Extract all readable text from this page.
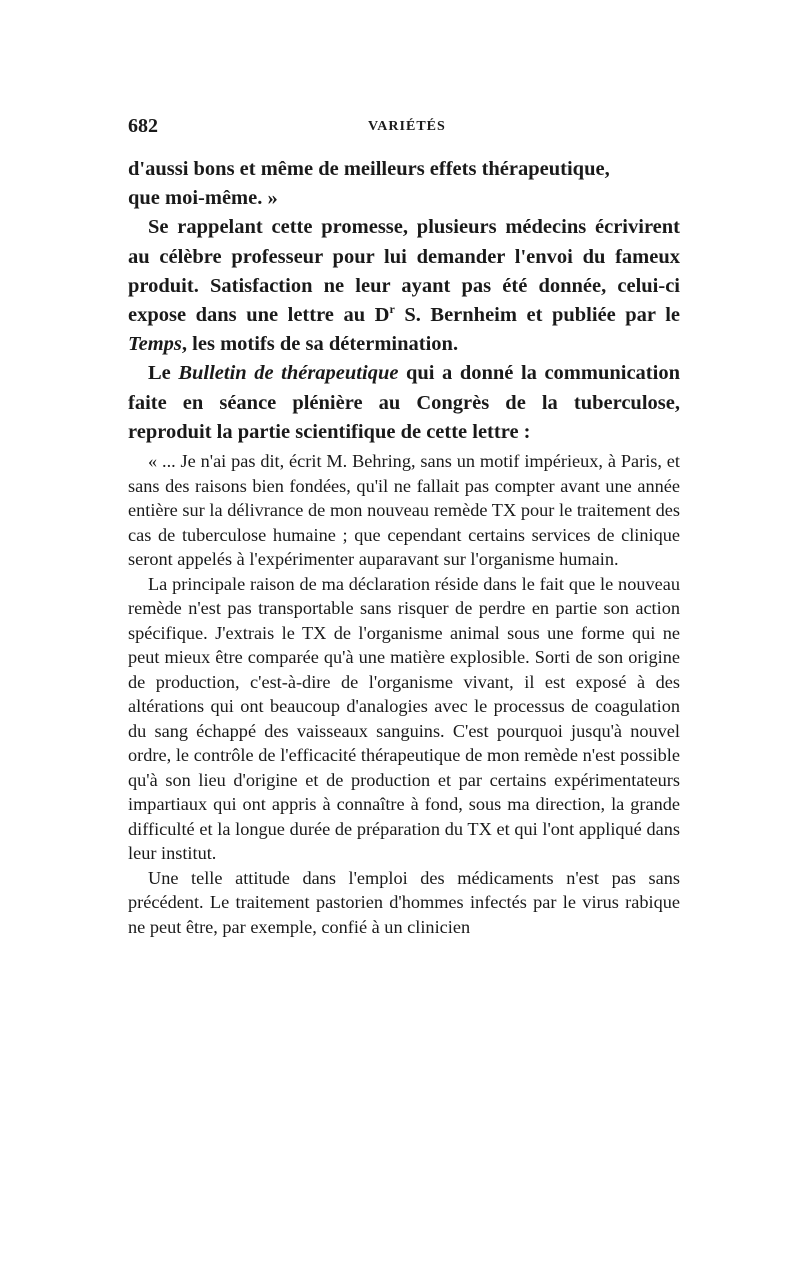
682	VARIÉTÉS

d'aussi bons et même de meilleurs effets thérapeutique,
que moi-même. »

Se rappelant cette promesse, plusieurs médecins écrivirent au célèbre professeur pour lui demander l'envoi du fameux produit. Satisfaction ne leur ayant pas été donnée, celui-ci expose dans une lettre au $D^r$ S. Bernheim et publiée par le Temps, les motifs de sa détermination.

Le Bulletin de thérapeutique qui a donné la communication faite en séance plénière au Congrès de la tuberculose, reproduit la partie scientifique de cette lettre :

« ... Je n'ai pas dit, écrit M. Behring, sans un motif impérieux, à Paris, et sans des raisons bien fondées, qu'il ne fallait pas compter avant une année entière sur la délivrance de mon nouveau remède TX pour le traitement des cas de tuberculose humaine ; que cependant certains services de clinique seront appelés à l'expérimenter auparavant sur l'organisme humain.

La principale raison de ma déclaration réside dans le fait que le nouveau remède n'est pas transportable sans risquer de perdre en partie son action spécifique. J'extrais le TX de l'organisme animal sous une forme qui ne peut mieux être comparée qu'à une matière explosible. Sorti de son origine de production, c'est-à-dire de l'organisme vivant, il est exposé à des altérations qui ont beaucoup d'analogies avec le processus de coagulation du sang échappé des vaisseaux sanguins. C'est pourquoi jusqu'à nouvel ordre, le contrôle de l'efficacité thérapeutique de mon remède n'est possible qu'à son lieu d'origine et de production et par certains expérimentateurs impartiaux qui ont appris à connaître à fond, sous ma direction, la grande difficulté et la longue durée de préparation du TX et qui l'ont appliqué dans leur institut.

Une telle attitude dans l'emploi des médicaments n'est pas sans précédent. Le traitement pastorien d'hommes infectés par le virus rabique ne peut être, par exemple, confié à un clinicien
